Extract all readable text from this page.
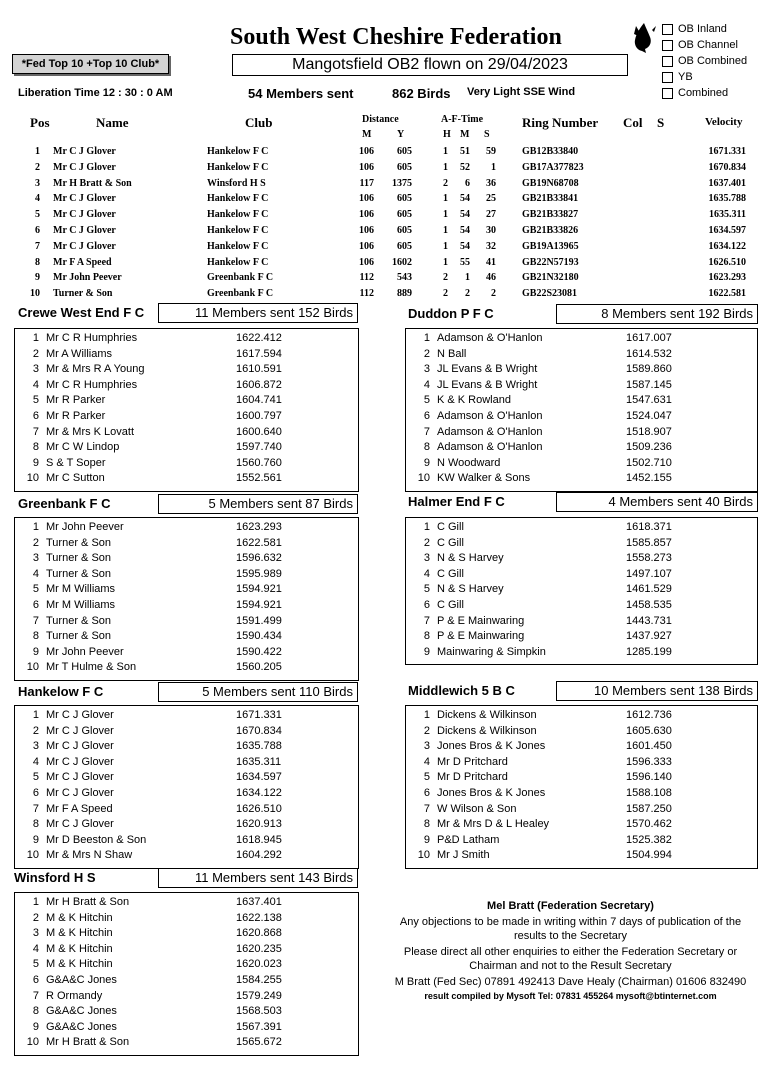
South West Cheshire Federation
Mangotsfield OB2 flown on 29/04/2023
*Fed Top 10 +Top 10 Club*
OB Inland
OB Channel
OB Combined
YB
Combined
Liberation Time 12 : 30 : 0 AM	54 Members sent	862 Birds Very Light SSE Wind
Pos	Name	Club	Distance
M	Y
A-F-Time
H M S
Ring Number Col S	Velocity
1 Mr C J Glover	Hankelow F C	106	605	1	51	59	GB12B33840	1671.331
2 Mr C J Glover	Hankelow F C	106	605	1	52	1	GB17A377823	1670.834
3 Mr H Bratt & Son	Winsford H S	117	1375	2	6	36	GB19N68708	1637.401
4 Mr C J Glover	Hankelow F C	106	605	1	54	25	GB21B33841	1635.788
5 Mr C J Glover	Hankelow F C	106	605	1	54	27	GB21B33827	1635.311
6 Mr C J Glover	Hankelow F C	106	605	1	54	30	GB21B33826	1634.597
7 Mr C J Glover	Hankelow F C	106	605	1	54	32	GB19A13965	1634.122
8 Mr F A Speed	Hankelow F C	106	1602	1	55	41	GB22N57193	1626.510
9 Mr John Peever	Greenbank F C	112	543	2	1	46	GB21N32180	1623.293
10 Turner & Son	Greenbank F C	112	889	2	2	2	GB22S23081	1622.581
Crewe West End F C	11 Members sent 152 Birds
1 Mr C R Humphries	1622.412
2 Mr A Williams	1617.594
3 Mr & Mrs R A Young	1610.591
4 Mr C R Humphries	1606.872
5 Mr R Parker	1604.741
6 Mr R Parker	1600.797
7 Mr & Mrs K Lovatt	1600.640
8 Mr C W Lindop	1597.740
9 S & T Soper	1560.760
10 Mr C Sutton	1552.561
Duddon P F C	8 Members sent 192 Birds
1 Adamson & O'Hanlon	1617.007
2 N Ball	1614.532
3 JL Evans & B Wright	1589.860
4 JL Evans & B Wright	1587.145
5 K & K Rowland	1547.631
6 Adamson & O'Hanlon	1524.047
7 Adamson & O'Hanlon	1518.907
8 Adamson & O'Hanlon	1509.236
9 N Woodward	1502.710
10 KW Walker & Sons	1452.155
Greenbank F C	5 Members sent 87 Birds
1 Mr John Peever	1623.293
2 Turner & Son	1622.581
3 Turner & Son	1596.632
4 Turner & Son	1595.989
5 Mr M Williams	1594.921
6 Mr M Williams	1594.921
7 Turner & Son	1591.499
8 Turner & Son	1590.434
9 Mr John Peever	1590.422
10 Mr T Hulme & Son	1560.205
Halmer End F C	4 Members sent 40 Birds
1 C Gill	1618.371
2 C Gill	1585.857
3 N & S Harvey	1558.273
4 C Gill	1497.107
5 N & S Harvey	1461.529
6 C Gill	1458.535
7 P & E Mainwaring	1443.731
8 P & E Mainwaring	1437.927
9 Mainwaring & Simpkin	1285.199
Hankelow F C	5 Members sent 110 Birds
1 Mr C J Glover	1671.331
2 Mr C J Glover	1670.834
3 Mr C J Glover	1635.788
4 Mr C J Glover	1635.311
5 Mr C J Glover	1634.597
6 Mr C J Glover	1634.122
7 Mr F A Speed	1626.510
8 Mr C J Glover	1620.913
9 Mr D Beeston & Son	1618.945
10 Mr & Mrs N Shaw	1604.292
Middlewich 5 B C	10 Members sent 138 Birds
1 Dickens & Wilkinson	1612.736
2 Dickens & Wilkinson	1605.630
3 Jones Bros & K Jones	1601.450
4 Mr D Pritchard	1596.333
5 Mr D Pritchard	1596.140
6 Jones Bros & K Jones	1588.108
7 W Wilson & Son	1587.250
8 Mr & Mrs D & L Healey	1570.462
9 P&D Latham	1525.382
10 Mr J Smith	1504.994
Winsford H S	11 Members sent 143 Birds
1 Mr H Bratt & Son	1637.401
2 M & K Hitchin	1622.138
3 M & K Hitchin	1620.868
4 M & K Hitchin	1620.235
5 M & K Hitchin	1620.023
6 G&A&C Jones	1584.255
7 R Ormandy	1579.249
8 G&A&C Jones	1568.503
9 G&A&C Jones	1567.391
10 Mr H Bratt & Son	1565.672
Mel Bratt (Federation Secretary)
Any objections to be made in writing within 7 days of publication of the results to the Secretary
Please direct all other enquiries to either the Federation Secretary or Chairman and not to the Result Secretary
M Bratt (Fed Sec) 07891 492413 Dave Healy (Chairman) 01606 832490
result compiled by Mysoft Tel: 07831 455264 mysoft@btinternet.com
